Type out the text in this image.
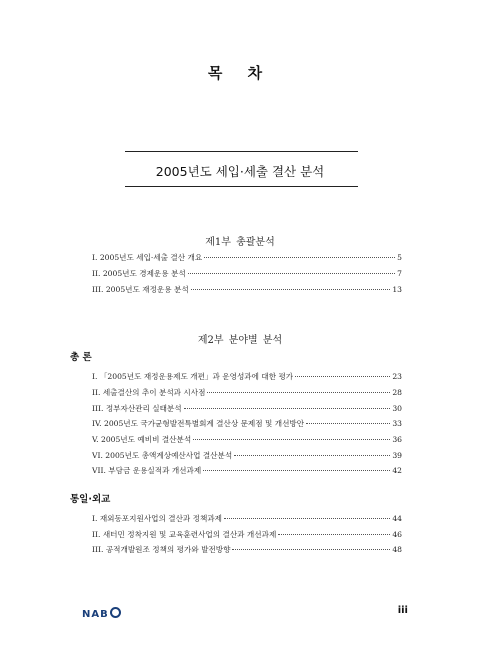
목 차
2005년도 세입·세출 결산 분석
제1부 총괄분석
I. 2005년도 세입·세출 결산 개요	5
II. 2005년도 경제운용 분석	7
III. 2005년도 재정운용 분석	13
제2부 분야별 분석
총 론
I. 「2005년도 재정운용제도 개편」과 운영성과에 대한 평가	23
II. 세출결산의 추이 분석과 시사점	28
III. 정부자산관리 실태분석	30
IV. 2005년도 국가균형발전특별회계 결산상 문제점 및 개선방안	33
V. 2005년도 예비비 결산분석	36
VI. 2005년도 총액계상예산사업 결산분석	39
VII. 부담금 운용실적과 개선과제	42
통일·외교
I. 재외동포지원사업의 결산과 정책과제	44
II. 새터민 정착지원 및 교육훈련사업의 결산과 개선과제	46
III. 공적개발원조 정책의 평가와 발전방향	48
NAB	iii
